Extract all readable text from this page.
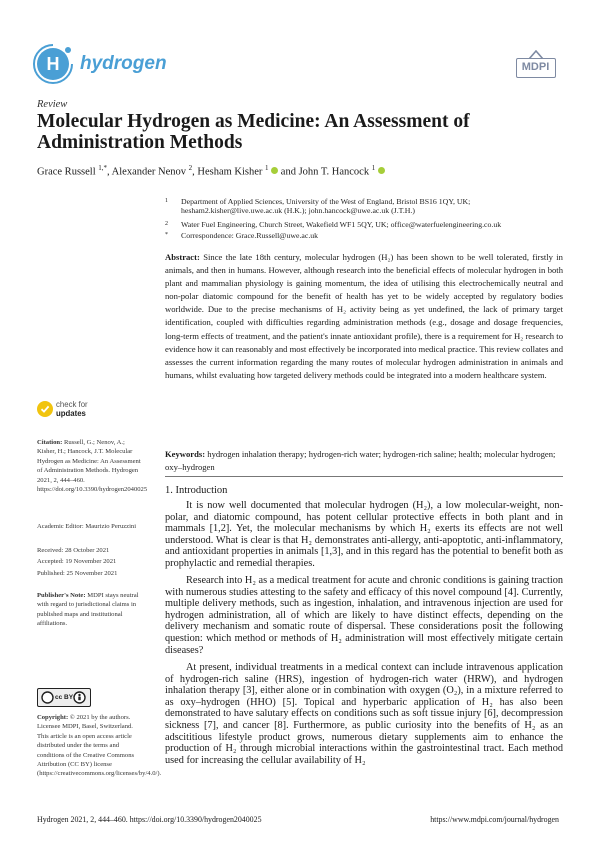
H	hydrogen	MDPI
Review
Molecular Hydrogen as Medicine: An Assessment of Administration Methods
Grace Russell $^{1,*}$, Alexander Nenov $^2$, Hesham Kisher $^1$  and John T. Hancock $^1$
1	Department of Applied Sciences, University of the West of England, Bristol BS16 1QY, UK; hesham2.kisher@live.uwe.ac.uk (H.K.); john.hancock@uwe.ac.uk (J.T.H.)
2	Water Fuel Engineering, Church Street, Wakefield WF1 5QY, UK; office@waterfuelengineering.co.uk
*	Correspondence: Grace.Russell@uwe.ac.uk
Abstract: Since the late 18th century, molecular hydrogen (H₂) has been shown to be well tolerated, firstly in animals, and then in humans. However, although research into the beneficial effects of molecular hydrogen in both plant and mammalian physiology is gaining momentum, the idea of utilising this electrochemically neutral and non-polar diatomic compound for the benefit of health has yet to be widely accepted by regulatory bodies worldwide. Due to the precise mechanisms of H₂ activity being as yet undefined, the lack of primary target identification, coupled with difficulties regarding administration methods (e.g., dosage and dosage frequencies, long-term effects of treatment, and the patient's innate antioxidant profile), there is a requirement for H₂ research to evidence how it can reasonably and most effectively be incorporated into medical practice. This review collates and assesses the current information regarding the many routes of molecular hydrogen administration in animals and humans, whilst evaluating how targeted delivery methods could be integrated into a modern healthcare system.
Keywords: hydrogen inhalation therapy; hydrogen-rich water; hydrogen-rich saline; health; molecular hydrogen; oxy–hydrogen
1. Introduction
It is now well documented that molecular hydrogen (H₂), a low molecular-weight, non-polar, and diatomic compound, has potent cellular protective effects in both plant and in mammals [1,2]. Yet, the molecular mechanisms by which H₂ exerts its effects are not well understood. What is clear is that H₂ demonstrates anti-allergy, anti-apoptotic, anti-inflammatory, and antioxidant properties in animals [1,3], and in this regard has the potential to benefit both as prophylactic and remedial therapies.
Research into H₂ as a medical treatment for acute and chronic conditions is gaining traction with numerous studies attesting to the safety and efficacy of this novel compound [4]. Currently, multiple delivery methods, such as ingestion, inhalation, and intravenous injection are used for hydrogen administration, all of which are likely to have distinct effects, depending on the delivery mechanism and somatic route of dispersal. These considerations posit the following question: which method or methods of H₂ administration will most effectively mitigate certain diseases?
At present, individual treatments in a medical context can include intravenous application of hydrogen-rich saline (HRS), ingestion of hydrogen-rich water (HRW), and hydrogen inhalation therapy [3], either alone or in combination with oxygen (O₂), in a mixture referred to as oxy–hydrogen (HHO) [5]. Topical and hyperbaric application of H₂ has also been demonstrated to have salutary effects on conditions such as soft tissue injury [6], decompression sickness [7], and cancer [8]. Furthermore, as public curiosity into the benefits of H₂ as an adscititious lifestyle product grows, numerous dietary supplements aim to enhance the production of H₂ through microbial interactions within the gastrointestinal tract. Each method used for increasing the cellular availability of H₂
check for
updates
Citation: Russell, G.; Nenov, A.; Kisher, H.; Hancock, J.T. Molecular Hydrogen as Medicine: An Assessment of Administration Methods. Hydrogen 2021, 2, 444–460. https://doi.org/10.3390/hydrogen2040025
Academic Editor: Maurizio Peruzzini
Received: 28 October 2021
Accepted: 19 November 2021
Published: 25 November 2021
Publisher's Note: MDPI stays neutral with regard to jurisdictional claims in published maps and institutional affiliations.
cc BY
Copyright: © 2021 by the authors. Licensee MDPI, Basel, Switzerland. This article is an open access article distributed under the terms and conditions of the Creative Commons Attribution (CC BY) license (https://creativecommons.org/licenses/by/4.0/).
Hydrogen 2021, 2, 444–460. https://doi.org/10.3390/hydrogen2040025	https://www.mdpi.com/journal/hydrogen
